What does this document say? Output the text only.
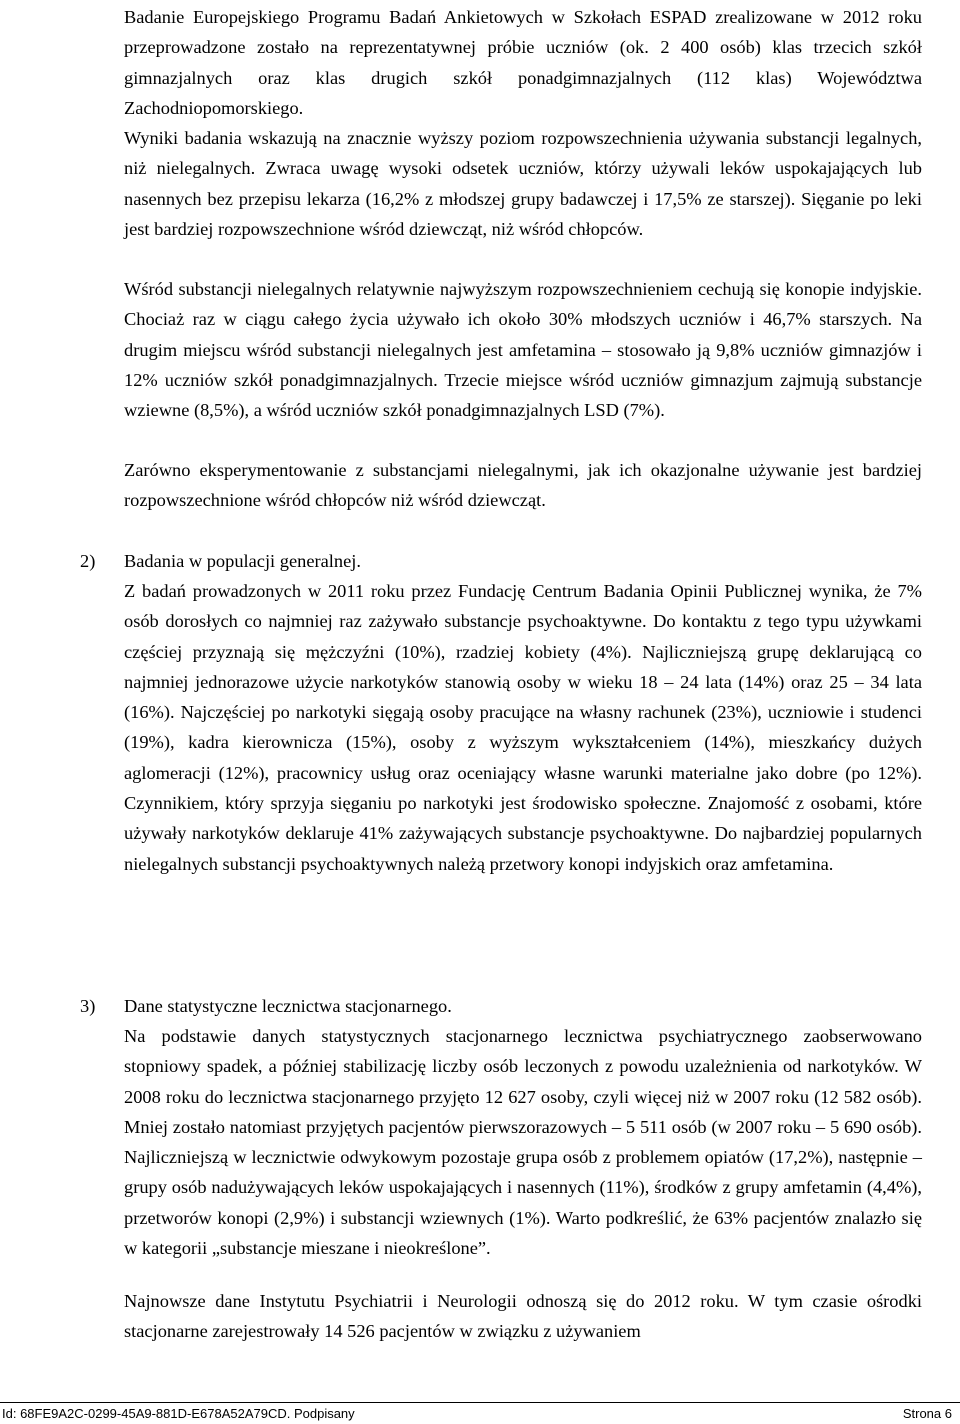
Badanie Europejskiego Programu Badań Ankietowych w Szkołach ESPAD zrealizowane w 2012 roku przeprowadzone zostało na reprezentatywnej próbie uczniów (ok. 2 400 osób) klas trzecich szkół gimnazjalnych oraz klas drugich szkół ponadgimnazjalnych (112 klas) Województwa Zachodniopomorskiego.

Wyniki badania wskazują na znacznie wyższy poziom rozpowszechnienia używania substancji legalnych, niż nielegalnych. Zwraca uwagę wysoki odsetek uczniów, którzy używali leków uspokajających lub nasennych bez przepisu lekarza (16,2% z młodszej grupy badawczej i 17,5% ze starszej). Sięganie po leki jest bardziej rozpowszechnione wśród dziewcząt, niż wśród chłopców.

Wśród substancji nielegalnych relatywnie najwyższym rozpowszechnieniem cechują się konopie indyjskie. Chociaż raz w ciągu całego życia używało ich około 30% młodszych uczniów i 46,7% starszych. Na drugim miejscu wśród substancji nielegalnych jest amfetamina – stosowało ją 9,8% uczniów gimnazjów i 12% uczniów szkół ponadgimnazjalnych. Trzecie miejsce wśród uczniów gimnazjum zajmują substancje wziewne (8,5%), a wśród uczniów szkół ponadgimnazjalnych LSD (7%).

Zarówno eksperymentowanie z substancjami nielegalnymi, jak ich okazjonalne używanie jest bardziej rozpowszechnione wśród chłopców niż wśród dziewcząt.

2) Badania w populacji generalnej.

Z badań prowadzonych w 2011 roku przez Fundację Centrum Badania Opinii Publicznej wynika, że 7% osób dorosłych co najmniej raz zażywało substancje psychoaktywne. Do kontaktu z tego typu używkami częściej przyznają się mężczyźni (10%), rzadziej kobiety (4%). Najliczniejszą grupę deklarującą co najmniej jednorazowe użycie narkotyków stanowią osoby w wieku 18 – 24 lata (14%) oraz 25 – 34 lata (16%). Najczęściej po narkotyki sięgają osoby pracujące na własny rachunek (23%), uczniowie i studenci (19%), kadra kierownicza (15%), osoby z wyższym wykształceniem (14%), mieszkańcy dużych aglomeracji (12%), pracownicy usług oraz oceniający własne warunki materialne jako dobre (po 12%). Czynnikiem, który sprzyja sięganiu po narkotyki jest środowisko społeczne. Znajomość z osobami, które używały narkotyków deklaruje 41% zażywających substancje psychoaktywne. Do najbardziej popularnych nielegalnych substancji psychoaktywnych należą przetwory konopi indyjskich oraz amfetamina.

3) Dane statystyczne lecznictwa stacjonarnego.

Na podstawie danych statystycznych stacjonarnego lecznictwa psychiatrycznego zaobserwowano stopniowy spadek, a później stabilizację liczby osób leczonych z powodu uzależnienia od narkotyków. W 2008 roku do lecznictwa stacjonarnego przyjęto 12 627 osoby, czyli więcej niż w 2007 roku (12 582 osób). Mniej zostało natomiast przyjętych pacjentów pierwszorazowych – 5 511 osób (w 2007 roku – 5 690 osób). Najliczniejszą w lecznictwie odwykowym pozostaje grupa osób z problemem opiatów (17,2%), następnie – grupy osób nadużywających leków uspokajających i nasennych (11%), środków z grupy amfetamin (4,4%), przetworów konopi (2,9%) i substancji wziewnych (1%). Warto podkreślić, że 63% pacjentów znalazło się w kategorii „substancje mieszane i nieokreślone”.

Najnowsze dane Instytutu Psychiatrii i Neurologii odnoszą się do 2012 roku. W tym czasie ośrodki stacjonarne zarejestrowały 14 526 pacjentów w związku z używaniem

Id: 68FE9A2C-0299-45A9-881D-E678A52A79CD. Podpisany	Strona 6
